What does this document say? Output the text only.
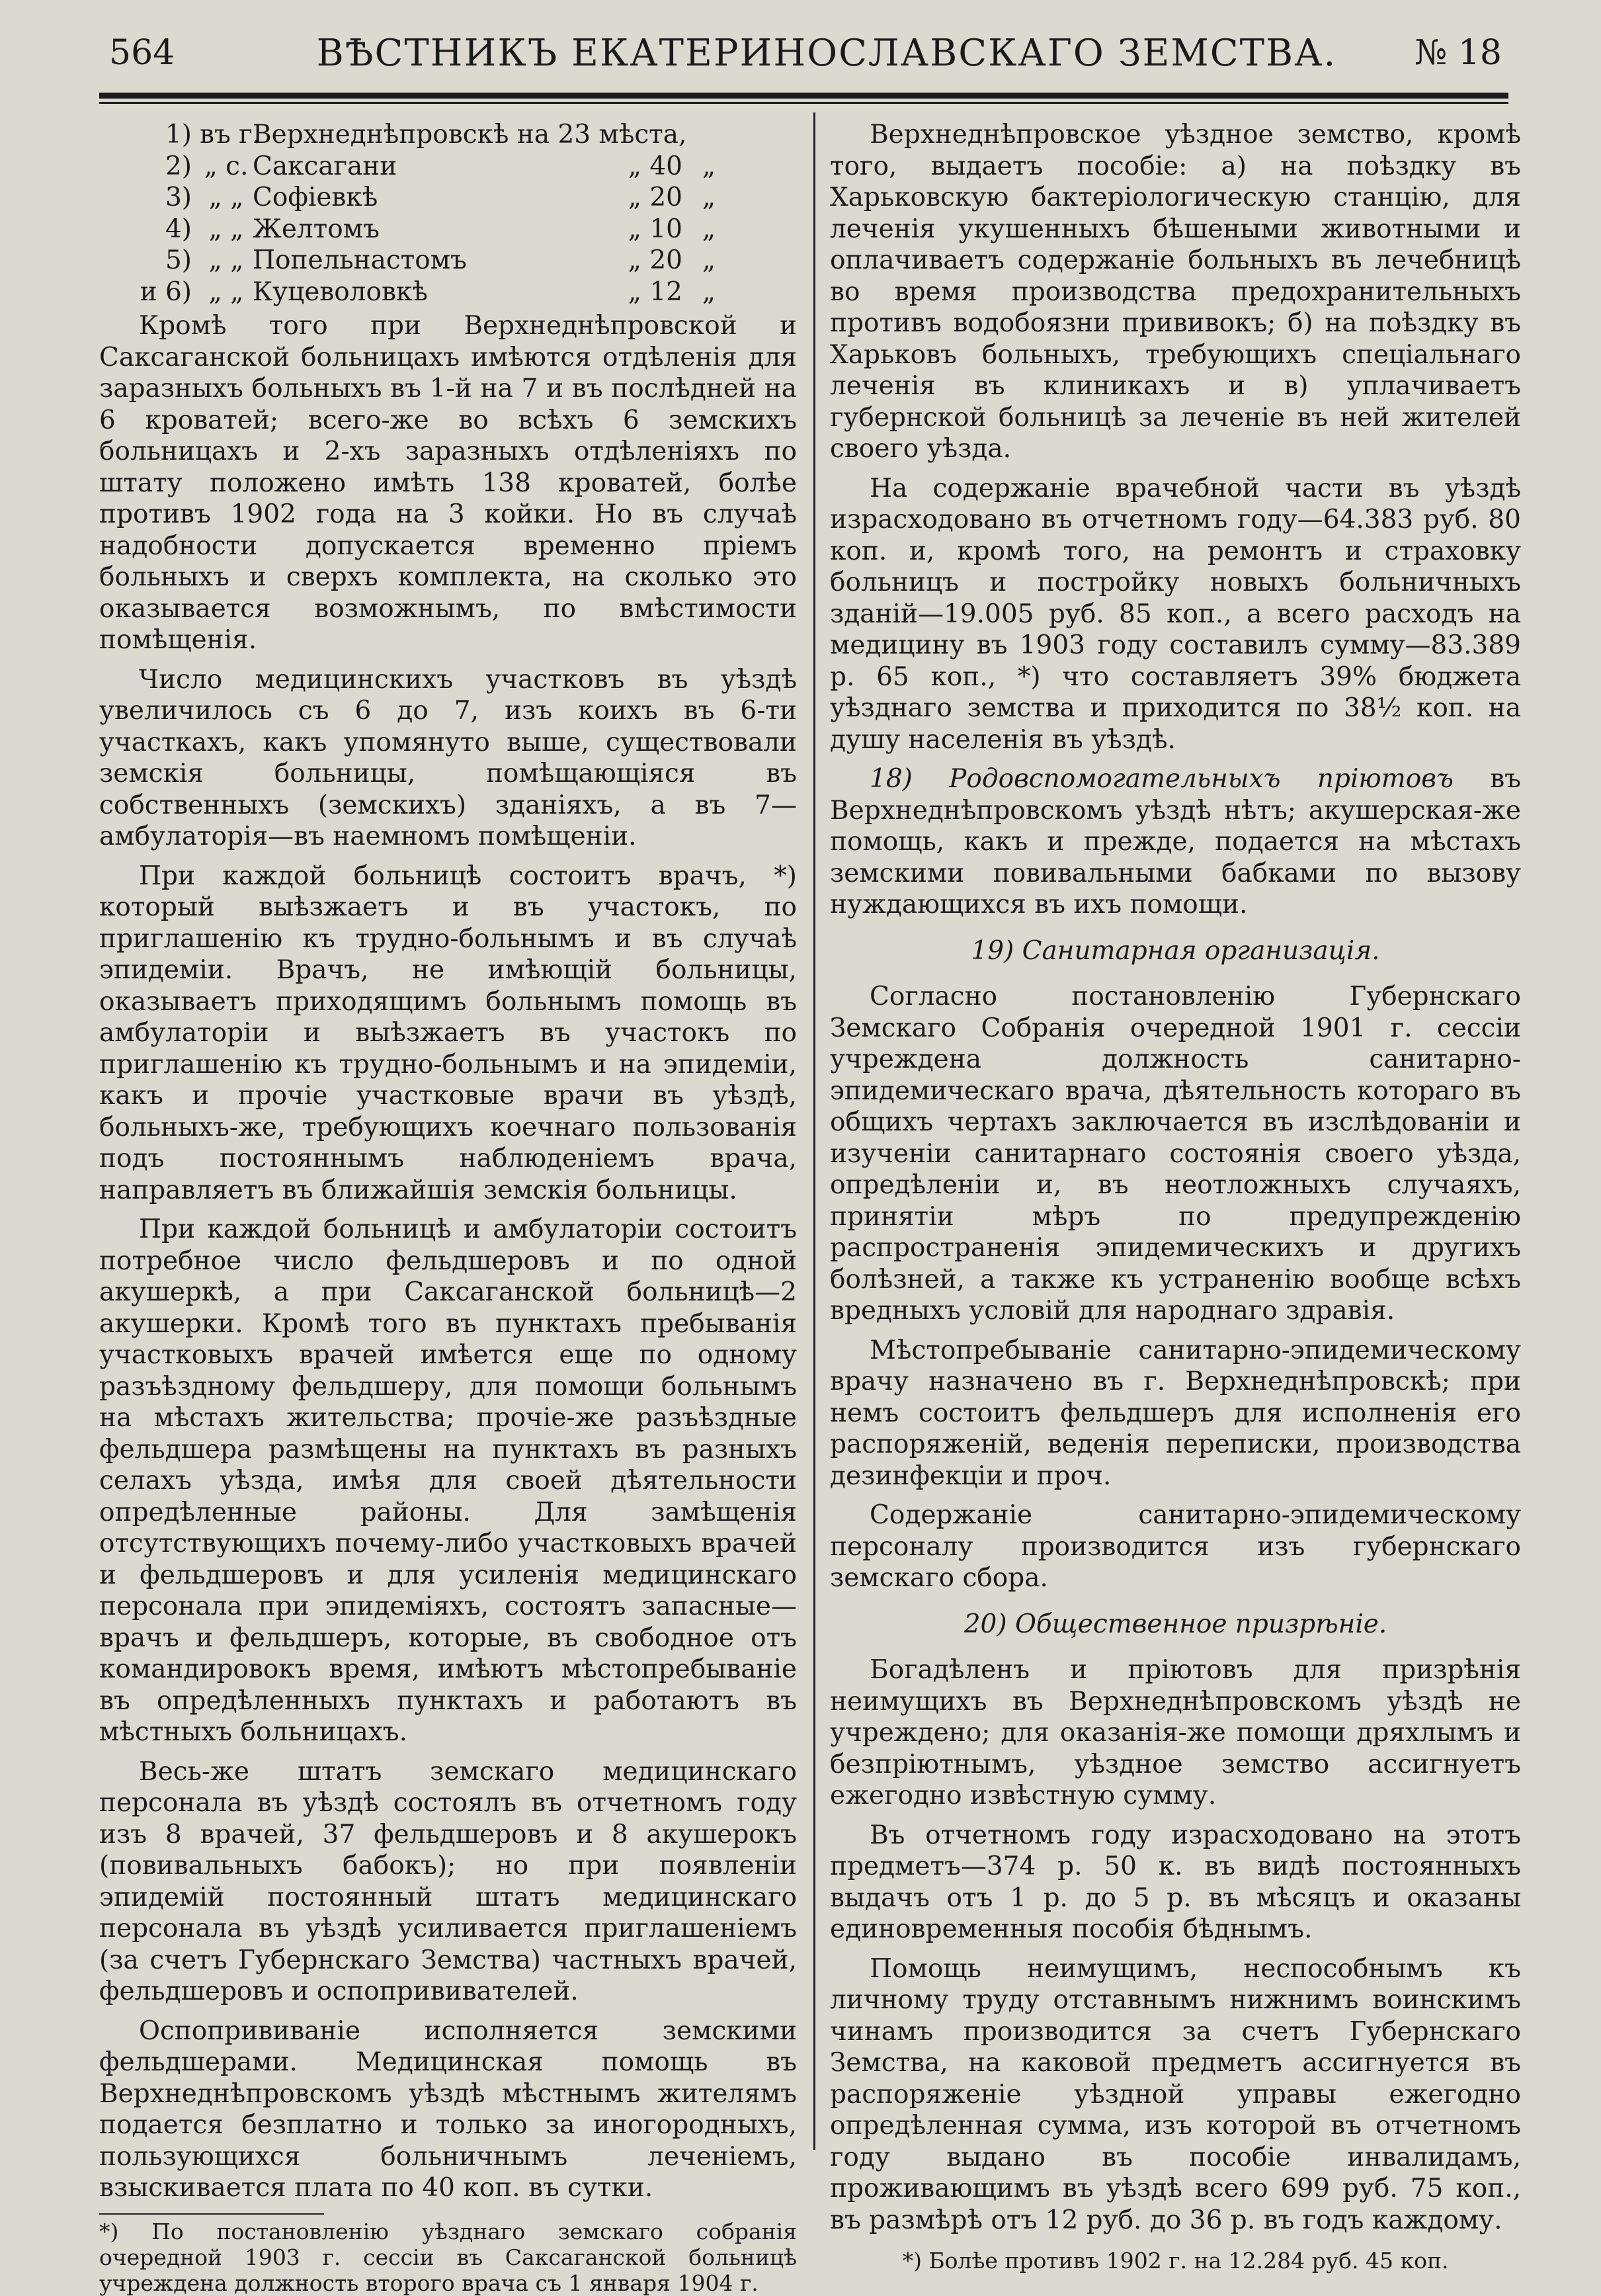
564	ВѢСТНИКЪ ЕКАТЕРИНОСЛАВСКАГО ЗЕМСТВА.	№ 18
1) въ г.
Верхнеднѣпровскѣ на 23 мѣста,
2) „ с. Саксагани	„ 40 „
3) „ „ Софіевкѣ	„ 20 „
4) „ „ Желтомъ	„ 10 „
5) „ „ Попельнастомъ	„ 20 „
и 6) „ „ Куцеволовкѣ	„ 12 „

Кромѣ того при Верхнеднѣпровской и Саксаганской больницахъ имѣются отдѣленія для заразныхъ больныхъ въ 1-й на 7 и въ послѣдней на 6 кроватей; всего-же во всѣхъ 6 земскихъ больницахъ и 2-хъ заразныхъ отдѣленіяхъ по штату положено имѣть 138 кроватей, болѣе противъ 1902 года на 3 койки. Но въ случаѣ надобности допускается временно пріемъ больныхъ и сверхъ комплекта, на сколько это оказывается возможнымъ, по вмѣстимости помѣщенія.

Число медицинскихъ участковъ въ уѣздѣ увеличилось съ 6 до 7, изъ коихъ въ 6-ти участкахъ, какъ упомянуто выше, существовали земскія больницы, помѣщающіяся въ собственныхъ (земскихъ) зданіяхъ, а въ 7—амбулаторія—въ наемномъ помѣщеніи.

При каждой больницѣ состоитъ врачъ, *) который выѣзжаетъ и въ участокъ, по приглашенію къ трудно-больнымъ и въ случаѣ эпидеміи. Врачъ, не имѣющій больницы, оказываетъ приходящимъ больнымъ помощь въ амбулаторіи и выѣзжаетъ въ участокъ по приглашенію къ трудно-больнымъ и на эпидеміи, какъ и прочіе участковые врачи въ уѣздѣ, больныхъ-же, требующихъ коечнаго пользованія подъ постояннымъ наблюденіемъ врача, направляетъ въ ближайшія земскія больницы.

При каждой больницѣ и амбулаторіи состоитъ потребное число фельдшеровъ и по одной акушеркѣ, а при Саксаганской больницѣ—2 акушерки. Кромѣ того въ пунктахъ пребыванія участковыхъ врачей имѣется еще по одному разъѣздному фельдшеру, для помощи больнымъ на мѣстахъ жительства; прочіе-же разъѣздные фельдшера размѣщены на пунктахъ въ разныхъ селахъ уѣзда, имѣя для своей дѣятельности опредѣленные районы. Для замѣщенія отсутствующихъ почему-либо участковыхъ врачей и фельдшеровъ и для усиленія медицинскаго персонала при эпидеміяхъ, состоятъ запасные—врачъ и фельдшеръ, которые, въ свободное отъ командировокъ время, имѣютъ мѣстопребываніе въ опредѣленныхъ пунктахъ и работаютъ въ мѣстныхъ больницахъ.

Весь-же штатъ земскаго медицинскаго персонала въ уѣздѣ состоялъ въ отчетномъ году изъ 8 врачей, 37 фельдшеровъ и 8 акушерокъ (повивальныхъ бабокъ); но при появленіи эпидемій постоянный штатъ медицинскаго персонала въ уѣздѣ усиливается приглашеніемъ (за счетъ Губернскаго Земства) частныхъ врачей, фельдшеровъ и оспопрививателей.

Оспопрививаніе исполняется земскими фельдшерами. Медицинская помощь въ Верхнеднѣпровскомъ уѣздѣ мѣстнымъ жителямъ подается безплатно и только за иногородныхъ, пользующихся больничнымъ леченіемъ, взыскивается плата по 40 коп. въ сутки.

*) По постановленію уѣзднаго земскаго собранія очередной 1903 г. сессіи въ Саксаганской больницѣ учреждена должность второго врача съ 1 января 1904 г.

Верхнеднѣпровское уѣздное земство, кромѣ того, выдаетъ пособіе: а) на поѣздку въ Харьковскую бактеріологическую станцію, для леченія укушенныхъ бѣшеными животными и оплачиваетъ содержаніе больныхъ въ лечебницѣ во время производства предохранительныхъ противъ водобоязни прививокъ; б) на поѣздку въ Харьковъ больныхъ, требующихъ спеціальнаго леченія въ клиникахъ и в) уплачиваетъ губернской больницѣ за леченіе въ ней жителей своего уѣзда.

На содержаніе врачебной части въ уѣздѣ израсходовано въ отчетномъ году—64.383 руб. 80 коп. и, кромѣ того, на ремонтъ и страховку больницъ и постройку новыхъ больничныхъ зданій—19.005 руб. 85 коп., а всего расходъ на медицину въ 1903 году составилъ сумму—83.389 р. 65 коп., *) что составляетъ 39% бюджета уѣзднаго земства и приходится по 38½ коп. на душу населенія въ уѣздѣ.

18) Родовспомогательныхъ пріютовъ въ Верхнеднѣпровскомъ уѣздѣ нѣтъ; акушерская-же помощь, какъ и прежде, подается на мѣстахъ земскими повивальными бабками по вызову нуждающихся въ ихъ помощи.

19) Санитарная организація.

Согласно постановленію Губернскаго Земскаго Собранія очередной 1901 г. сессіи учреждена должность санитарно-эпидемическаго врача, дѣятельность котораго въ общихъ чертахъ заключается въ изслѣдованіи и изученіи санитарнаго состоянія своего уѣзда, опредѣленіи и, въ неотложныхъ случаяхъ, принятіи мѣръ по предупрежденію распространенія эпидемическихъ и другихъ болѣзней, а также къ устраненію вообще всѣхъ вредныхъ условій для народнаго здравія.

Мѣстопребываніе санитарно-эпидемическому врачу назначено въ г. Верхнеднѣпровскѣ; при немъ состоитъ фельдшеръ для исполненія его распоряженій, веденія переписки, производства дезинфекціи и проч.

Содержаніе санитарно-эпидемическому персоналу производится изъ губернскаго земскаго сбора.

20) Общественное призрѣніе.

Богадѣленъ и пріютовъ для призрѣнія неимущихъ въ Верхнеднѣпровскомъ уѣздѣ не учреждено; для оказанія-же помощи дряхлымъ и безпріютнымъ, уѣздное земство ассигнуетъ ежегодно извѣстную сумму.

Въ отчетномъ году израсходовано на этотъ предметъ—374 р. 50 к. въ видѣ постоянныхъ выдачъ отъ 1 р. до 5 р. въ мѣсяцъ и оказаны единовременныя пособія бѣднымъ.

Помощь неимущимъ, неспособнымъ къ личному труду отставнымъ нижнимъ воинскимъ чинамъ производится за счетъ Губернскаго Земства, на каковой предметъ ассигнуется въ распоряженіе уѣздной управы ежегодно опредѣленная сумма, изъ которой въ отчетномъ году выдано въ пособіе инвалидамъ, проживающимъ въ уѣздѣ всего 699 руб. 75 коп., въ размѣрѣ отъ 12 руб. до 36 р. въ годъ каждому.

*) Болѣе противъ 1902 г. на 12.284 руб. 45 коп.
